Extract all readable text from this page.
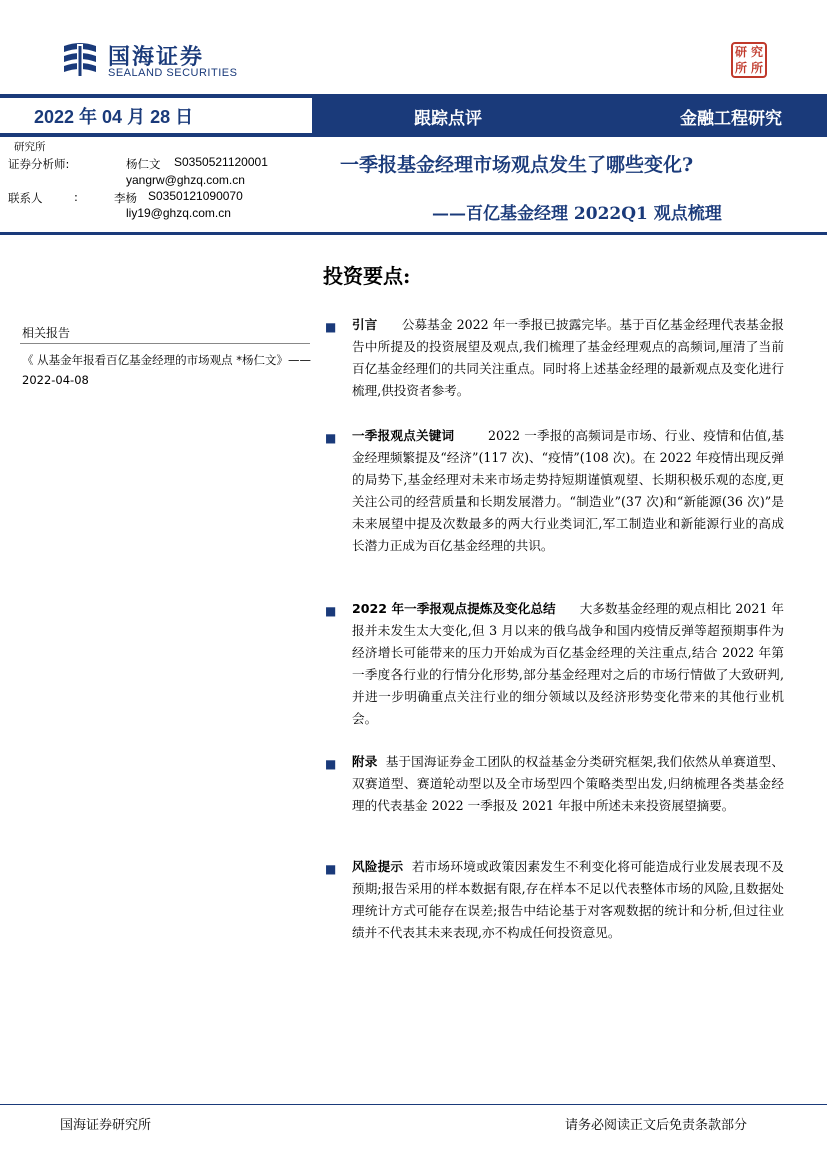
国海证券
SEALAND SECURITIES
研 究
所 所
2022 年 04 月 28 日	跟踪点评	金融工程研究
研究所
证券分析师:	杨仁文 S0350521120001
yangrw@ghzq.com.cn
联系人	:	李杨 S0350121090070
liy19@ghzq.com.cn
一季报基金经理市场观点发生了哪些变化?
——百亿基金经理 2022Q1 观点梳理
投资要点:
相关报告
《 从基金年报看百亿基金经理的市场观点 *杨仁文》——2022-04-08
■ 引言 公募基金 2022 年一季报已披露完毕。基于百亿基金经理代表基金报告中所提及的投资展望及观点,我们梳理了基金经理观点的高频词,厘清了当前百亿基金经理们的共同关注重点。同时将上述基金经理的最新观点及变化进行梳理,供投资者参考。
■ 一季报观点关键词	2022 一季报的高频词是市场、行业、疫情和估值,基金经理频繁提及“经济”(117 次)、“疫情”(108 次)。在 2022 年疫情出现反弹的局势下,基金经理对未来市场走势持短期谨慎观望、长期积极乐观的态度,更关注公司的经营质量和长期发展潜力。“制造业”(37 次)和“新能源(36 次)”是未来展望中提及次数最多的两大行业类词汇,军工制造业和新能源行业的高成长潜力正成为百亿基金经理的共识。
■ 2022 年一季报观点提炼及变化总结 大多数基金经理的观点相比 2021 年报并未发生太大变化,但 3 月以来的俄乌战争和国内疫情反弹等超预期事件为经济增长可能带来的压力开始成为百亿基金经理的关注重点,结合 2022 年第一季度各行业的行情分化形势,部分基金经理对之后的市场行情做了大致研判,并进一步明确重点关注行业的细分领域以及经济形势变化带来的其他行业机会。
■ 附录 基于国海证券金工团队的权益基金分类研究框架,我们依然从单赛道型、双赛道型、赛道轮动型以及全市场型四个策略类型出发,归纳梳理各类基金经理的代表基金 2022 一季报及 2021 年报中所述未来投资展望摘要。
■ 风险提示 若市场环境或政策因素发生不利变化将可能造成行业发展表现不及预期;报告采用的样本数据有限,存在样本不足以代表整体市场的风险,且数据处理统计方式可能存在误差;报告中结论基于对客观数据的统计和分析,但过往业绩并不代表其未来表现,亦不构成任何投资意见。
国海证券研究所	请务必阅读正文后免责条款部分
